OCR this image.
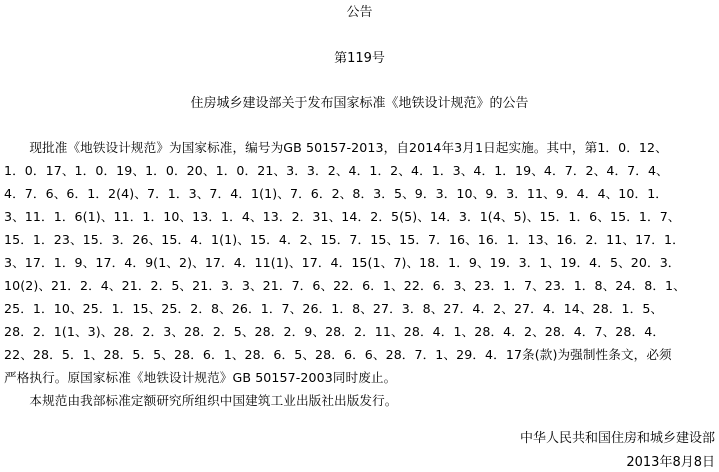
公告
第119号
住房城乡建设部关于发布国家标准《地铁设计规范》的公告
　　现批准《地铁设计规范》为国家标准，编号为GB 50157-2013，自2014年3月1日起实施。其中，第1．0．12、
1．0．17、1．0．19、1．0．20、1．0．21、3．3．2、4．1．2、4．1．3、4．1．19、4．7．2、4．7．4、
4．7．6、6．1．2(4)、7．1．3、7．4．1(1)、7．6．2、8．3．5、9．3．10、9．3．11、9．4．4、10．1．
3、11．1．6(1)、11．1．10、13．1．4、13．2．31、14．2．5(5)、14．3．1(4、5)、15．1．6、15．1．7、
15．1．23、15．3．26、15．4．1(1)、15．4．2、15．7．15、15．7．16、16．1．13、16．2．11、17．1．
3、17．1．9、17．4．9(1、2)、17．4．11(1)、17．4．15(1、7)、18．1．9、19．3．1、19．4．5、20．3．
10(2)、21．2．4、21．2．5、21．3．3、21．7．6、22．6．1、22．6．3、23．1．7、23．1．8、24．8．1、
25．1．10、25．1．15、25．2．8、26．1．7、26．1．8、27．3．8、27．4．2、27．4．14、28．1．5、
28．2．1(1、3)、28．2．3、28．2．5、28．2．9、28．2．11、28．4．1、28．4．2、28．4．7、28．4．
22、28．5．1、28．5．5、28．6．1、28．6．5、28．6．6、28．7．1、29．4．17条(款)为强制性条文，必须
严格执行。原国家标准《地铁设计规范》GB 50157-2003同时废止。
　　本规范由我部标准定额研究所组织中国建筑工业出版社出版发行。
中华人民共和国住房和城乡建设部
2013年8月8日
